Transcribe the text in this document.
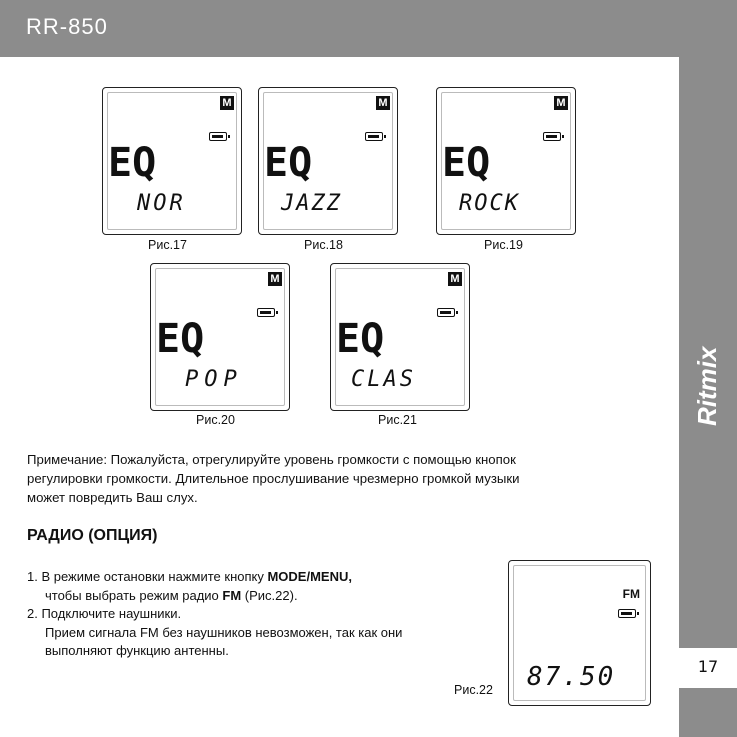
RR-850
Ritmix
17
M
EQ
NOR
Рис.17
M
EQ
JAZZ
Рис.18
M
EQ
ROCK
Рис.19
M
EQ
POP
Рис.20
M
EQ
CLAS
Рис.21
Примечание: Пожалуйста, отрегулируйте уровень громкости с помощью кнопок
регулировки громкости. Длительное прослушивание чрезмерно громкой музыки
может повредить Ваш слух.
РАДИО (ОПЦИЯ)
1. В режиме остановки нажмите кнопку MODE/MENU,
чтобы выбрать режим радио FM (Рис.22).
2. Подключите наушники.
Прием сигнала FM без наушников невозможен, так как они
выполняют функцию антенны.
Рис.22
FM
87.50
